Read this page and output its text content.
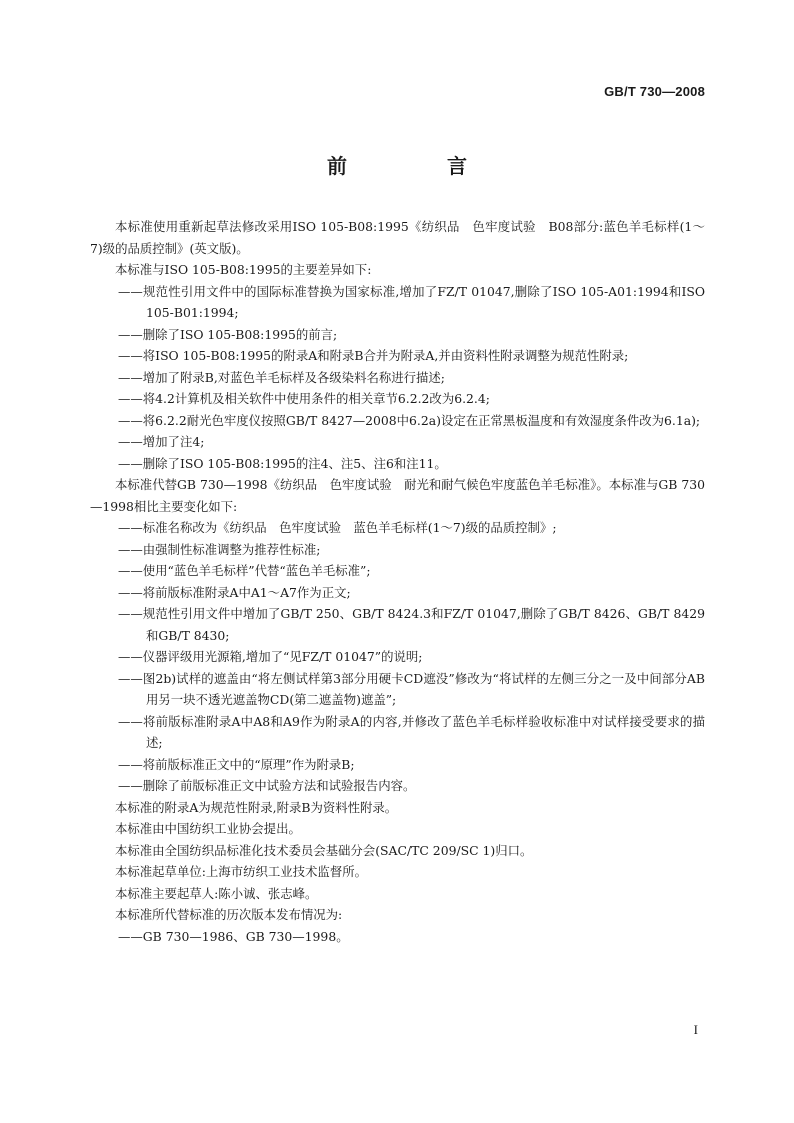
GB/T 730—2008
前　言
本标准使用重新起草法修改采用ISO 105-B08:1995《纺织品　色牢度试验　B08部分:蓝色羊毛标样(1～7)级的品质控制》(英文版)。
本标准与ISO 105-B08:1995的主要差异如下:
——规范性引用文件中的国际标准替换为国家标准,增加了FZ/T 01047,删除了ISO 105-A01:1994和ISO 105-B01:1994;
——删除了ISO 105-B08:1995的前言;
——将ISO 105-B08:1995的附录A和附录B合并为附录A,并由资料性附录调整为规范性附录;
——增加了附录B,对蓝色羊毛标样及各级染料名称进行描述;
——将4.2计算机及相关软件中使用条件的相关章节6.2.2改为6.2.4;
——将6.2.2耐光色牢度仪按照GB/T 8427—2008中6.2a)设定在正常黑板温度和有效湿度条件改为6.1a);
——增加了注4;
——删除了ISO 105-B08:1995的注4、注5、注6和注11。
本标准代替GB 730—1998《纺织品　色牢度试验　耐光和耐气候色牢度蓝色羊毛标准》。本标准与GB 730—1998相比主要变化如下:
——标准名称改为《纺织品　色牢度试验　蓝色羊毛标样(1～7)级的品质控制》;
——由强制性标准调整为推荐性标准;
——使用“蓝色羊毛标样”代替“蓝色羊毛标准”;
——将前版标准附录A中A1～A7作为正文;
——规范性引用文件中增加了GB/T 250、GB/T 8424.3和FZ/T 01047,删除了GB/T 8426、GB/T 8429和GB/T 8430;
——仪器评级用光源箱,增加了“见FZ/T 01047”的说明;
——图2b)试样的遮盖由“将左侧试样第3部分用硬卡CD遮没”修改为“将试样的左侧三分之一及中间部分AB用另一块不透光遮盖物CD(第二遮盖物)遮盖”;
——将前版标准附录A中A8和A9作为附录A的内容,并修改了蓝色羊毛标样验收标准中对试样接受要求的描述;
——将前版标准正文中的“原理”作为附录B;
——删除了前版标准正文中试验方法和试验报告内容。
本标准的附录A为规范性附录,附录B为资料性附录。
本标准由中国纺织工业协会提出。
本标准由全国纺织品标准化技术委员会基础分会(SAC/TC 209/SC 1)归口。
本标准起草单位:上海市纺织工业技术监督所。
本标准主要起草人:陈小诚、张志峰。
本标准所代替标准的历次版本发布情况为:
——GB 730—1986、GB 730—1998。
I
